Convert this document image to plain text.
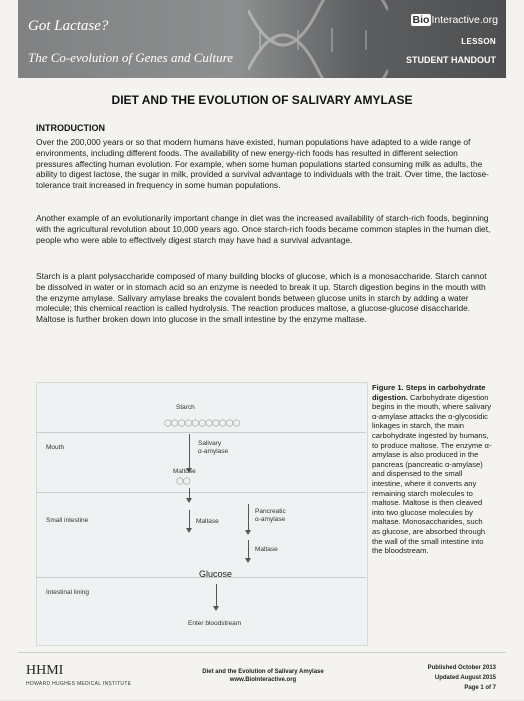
Got Lactase?
The Co-evolution of Genes and Culture
Bio Interactive.org
LESSON
STUDENT HANDOUT
DIET AND THE EVOLUTION OF SALIVARY AMYLASE
INTRODUCTION

Over the 200,000 years or so that modern humans have existed, human populations have adapted to a wide range of environments, including different foods. The availability of new energy-rich foods has resulted in different selection pressures affecting human evolution. For example, when some human populations started consuming milk as adults, the ability to digest lactose, the sugar in milk, provided a survival advantage to individuals with the trait. Over time, the lactose-tolerance trait increased in frequency in some human populations.

Another example of an evolutionarily important change in diet was the increased availability of starch-rich foods, beginning with the agricultural revolution about 10,000 years ago. Once starch-rich foods became common staples in the human diet, people who were able to effectively digest starch may have had a survival advantage.

Starch is a plant polysaccharide composed of many building blocks of glucose, which is a monosaccharide. Starch cannot be dissolved in water or in stomach acid so an enzyme is needed to break it up. Starch digestion begins in the mouth with the enzyme amylase. Salivary amylase breaks the covalent bonds between glucose units in starch by adding a water molecule; this chemical reaction is called hydrolysis. The reaction produces maltose, a glucose-glucose disaccharide. Maltose is further broken down into glucose in the small intestine by the enzyme maltase.

Mouth
Small intestine
Intestinal lining
Starch
⬡⬡⬡⬡⬡⬡⬡⬡⬡⬡⬡
Salivary
α-amylase
Maltose
⬡⬡
Maltase
Pancreatic
α-amylase
Maltase
Glucose
Enter bloodstream
Figure 1. Steps in carbohydrate digestion. Carbohydrate digestion begins in the mouth, where salivary α-amylase attacks the α-glycosidic linkages in starch, the main carbohydrate ingested by humans, to produce maltose. The enzyme α-amylase is also produced in the pancreas (pancreatic α-amylase) and dispensed to the small intestine, where it converts any remaining starch molecules to maltose. Maltose is then cleaved into two glucose molecules by maltase. Monosaccharides, such as glucose, are absorbed through the wall of the small intestine into the bloodstream.
HHMI
HOWARD HUGHES MEDICAL INSTITUTE
Diet and the Evolution of Salivary Amylase
www.BioInteractive.org
Published October 2013
Updated August 2015
Page 1 of 7
